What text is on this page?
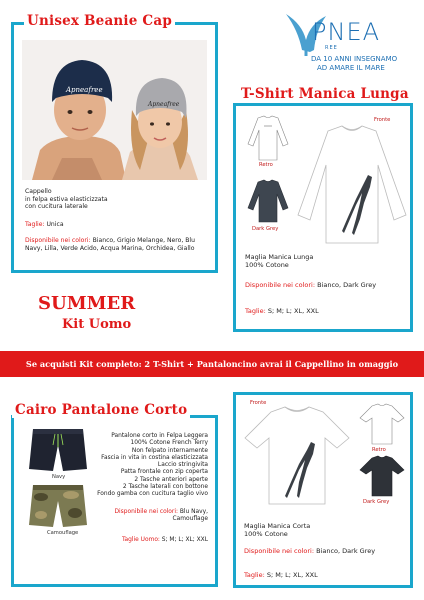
Unisex Beanie Cap
Apneafree
Apneafree
Cappello
in felpa estiva elasticizzata
con cucitura laterale
Taglie: Unica
Disponibile nei colori: Bianco, Grigio Melange, Nero, Blu Navy, Lilla, Verde Acido, Acqua Marina, Orchidea, Giallo
PNEA
REE
DA 10 ANNI INSEGNAMO
AD AMARE IL MARE
T-Shirt Manica Lunga
Fronte
Retro
Dark Grey
Maglia Manica Lunga
100% Cotone
Disponibile nei colori: Bianco, Dark Grey
Taglie: S; M; L; XL, XXL
SUMMER
Kit Uomo
Se acquisti Kit completo: 2 T-Shirt + Pantaloncino avrai il Cappellino in omaggio
Cairo Pantalone Corto
Navy
Camouflage
Pantalone corto in Felpa Leggera
100% Cotone French Terry
Non felpato internamente
Fascia in vita in costina elasticizzata
Laccio stringivita
Patta frontale con zip coperta
2 Tasche anteriori aperte
2 Tasche laterali con bottone
Fondo gamba con cucitura taglio vivo
Disponibile nei colori: Blu Navy,
Camouflage
Taglie Uomo: S; M; L; XL; XXL
Fronte
Retro
Dark Grey
Maglia Manica Corta
100% Cotone
Disponibile nei colori: Bianco, Dark Grey
Taglie: S; M; L; XL, XXL
